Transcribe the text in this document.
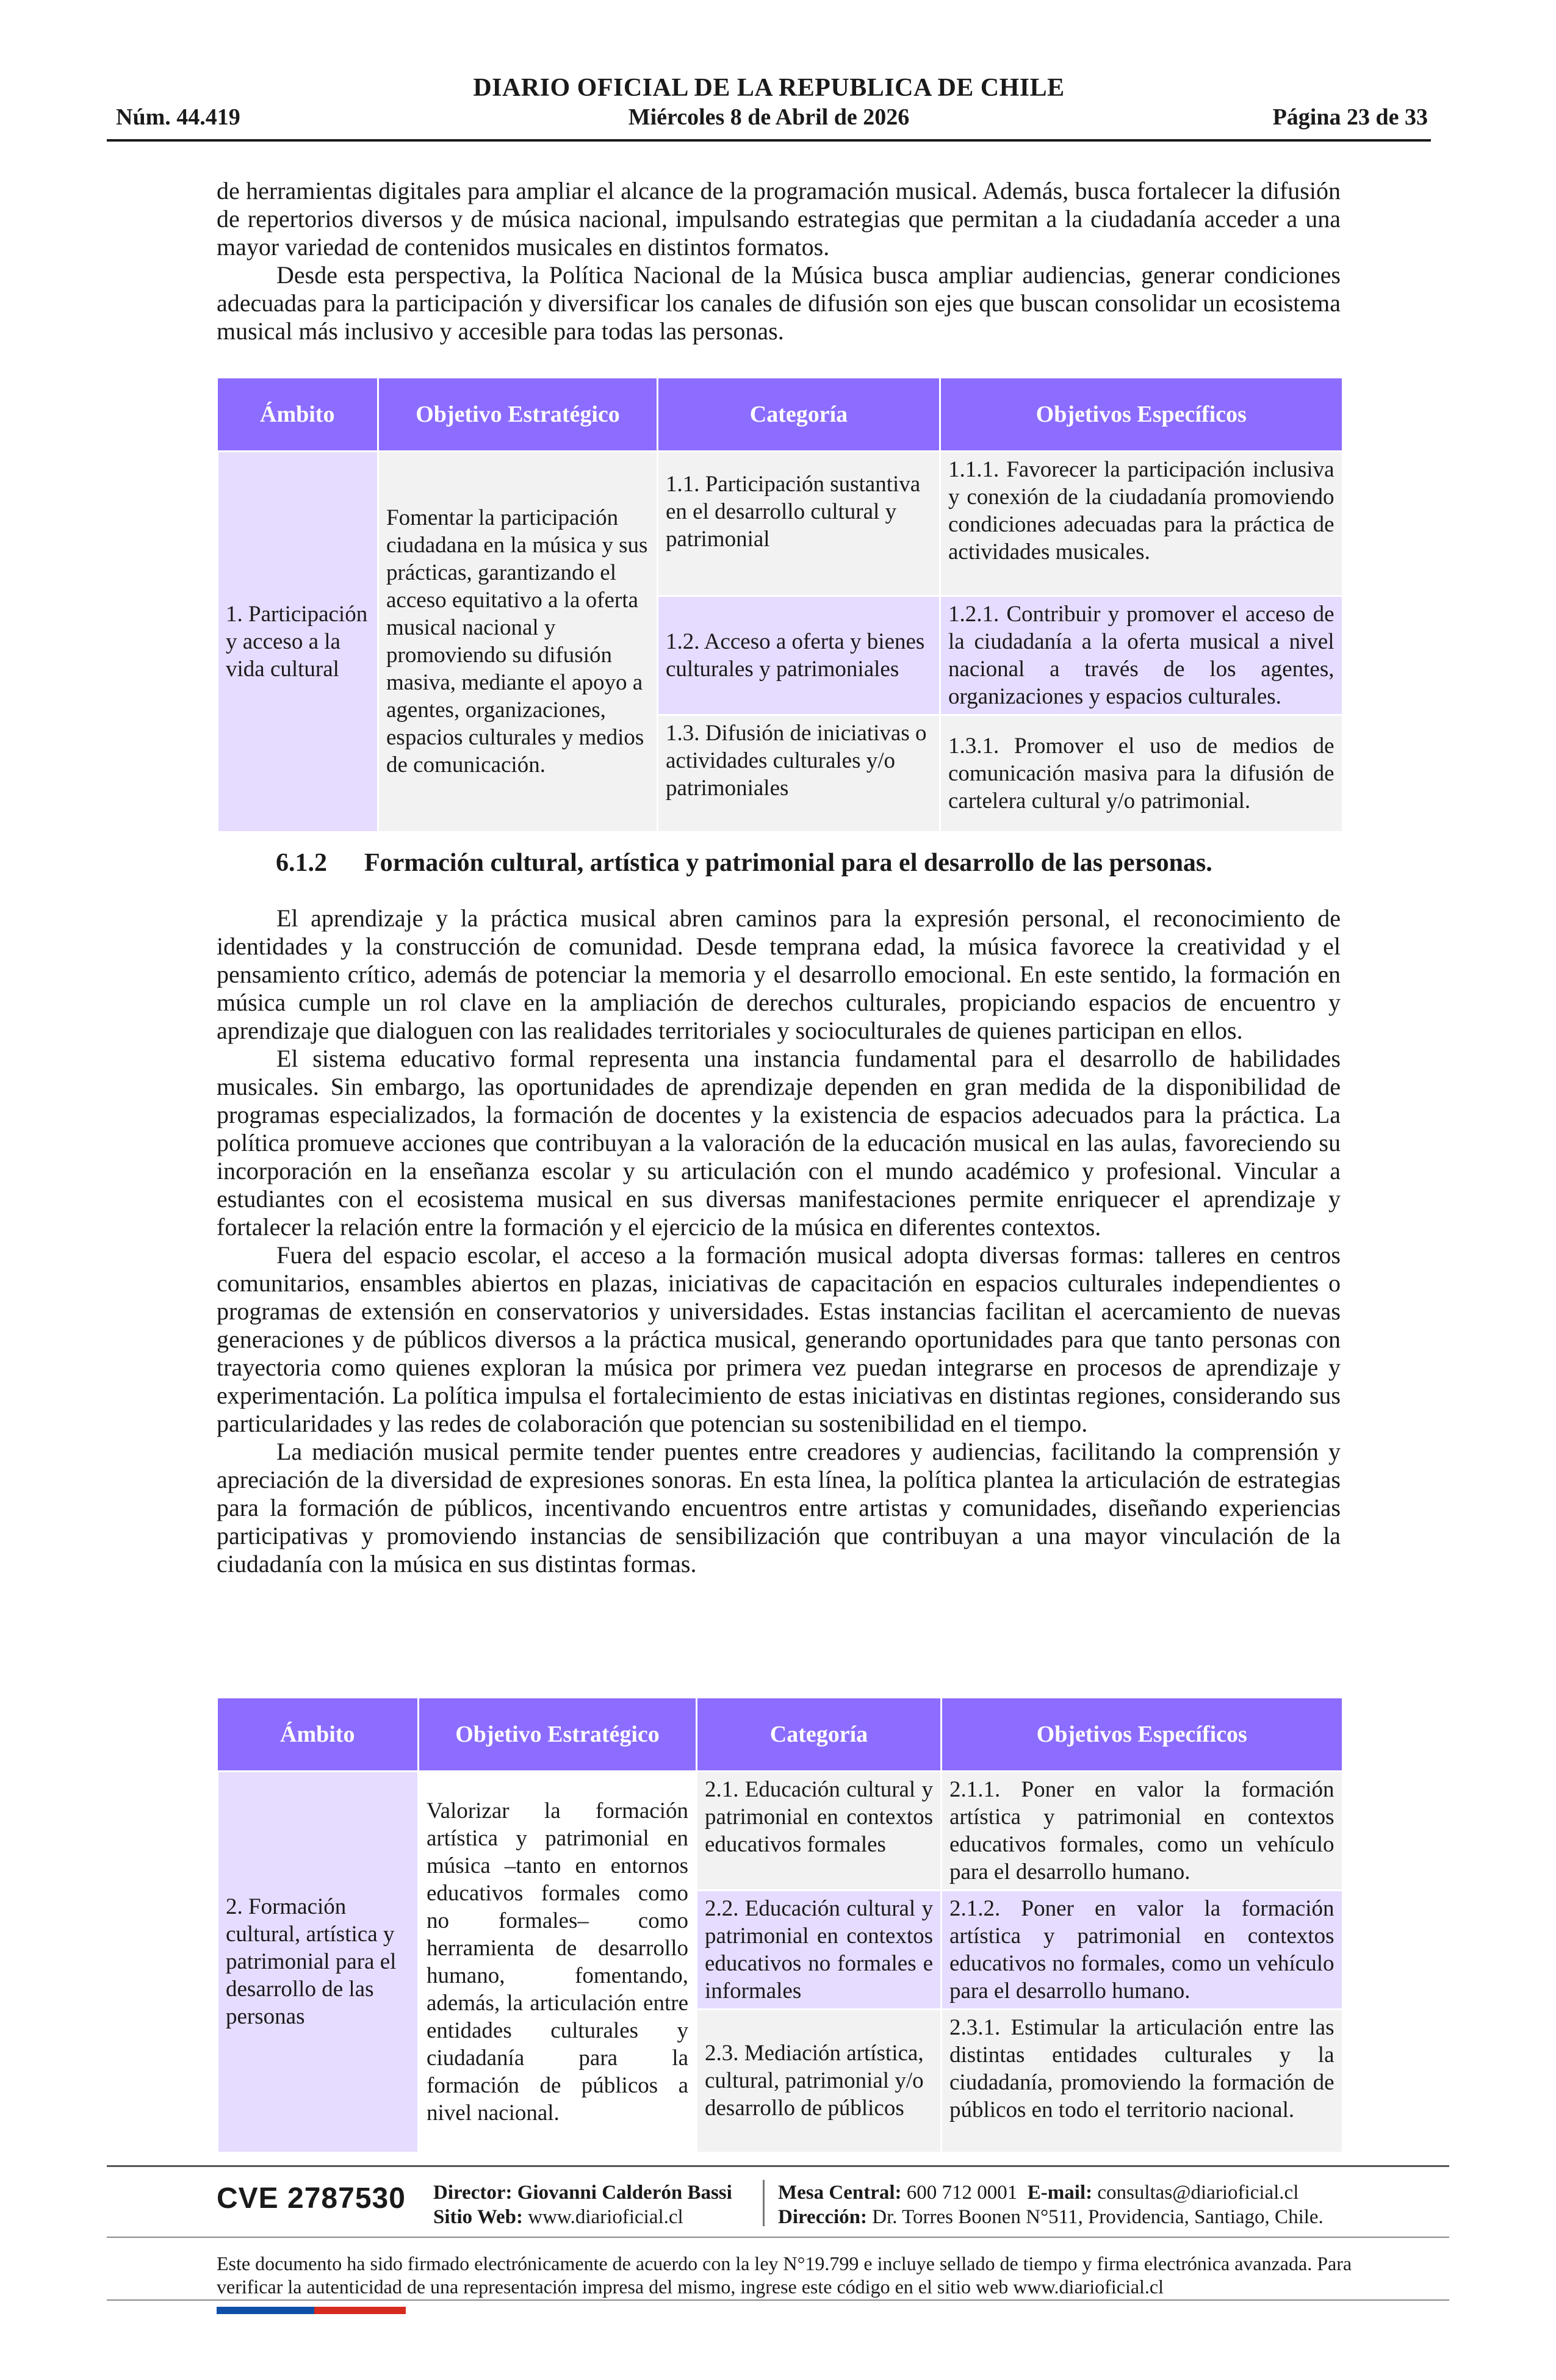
DIARIO OFICIAL DE LA REPUBLICA DE CHILE
Núm. 44.419	Miércoles 8 de Abril de 2026	Página 23 de 33

de herramientas digitales para ampliar el alcance de la programación musical. Además, busca fortalecer la difusión de repertorios diversos y de música nacional, impulsando estrategias que permitan a la ciudadanía acceder a una mayor variedad de contenidos musicales en distintos formatos.

Desde esta perspectiva, la Política Nacional de la Música busca ampliar audiencias, generar condiciones adecuadas para la participación y diversificar los canales de difusión son ejes que buscan consolidar un ecosistema musical más inclusivo y accesible para todas las personas.

Ámbito	Objetivo Estratégico	Categoría	Objetivos Específicos
1. Participación y acceso a la vida cultural	Fomentar la participación ciudadana en la música y sus prácticas, garantizando el acceso equitativo a la oferta musical nacional y promoviendo su difusión masiva, mediante el apoyo a agentes, organizaciones, espacios culturales y medios de comunicación.	1.1. Participación sustantiva en el desarrollo cultural y patrimonial	1.1.1. Favorecer la participación inclusiva y conexión de la ciudadanía promoviendo condiciones adecuadas para la práctica de actividades musicales.
		1.2. Acceso a oferta y bienes culturales y patrimoniales	1.2.1. Contribuir y promover el acceso de la ciudadanía a la oferta musical a nivel nacional a través de los agentes, organizaciones y espacios culturales.
		1.3. Difusión de iniciativas o actividades culturales y/o patrimoniales	1.3.1. Promover el uso de medios de comunicación masiva para la difusión de cartelera cultural y/o patrimonial.
6.1.2 Formación cultural, artística y patrimonial para el desarrollo de las personas.

El aprendizaje y la práctica musical abren caminos para la expresión personal, el reconocimiento de identidades y la construcción de comunidad. Desde temprana edad, la música favorece la creatividad y el pensamiento crítico, además de potenciar la memoria y el desarrollo emocional. En este sentido, la formación en música cumple un rol clave en la ampliación de derechos culturales, propiciando espacios de encuentro y aprendizaje que dialoguen con las realidades territoriales y socioculturales de quienes participan en ellos.

El sistema educativo formal representa una instancia fundamental para el desarrollo de habilidades musicales. Sin embargo, las oportunidades de aprendizaje dependen en gran medida de la disponibilidad de programas especializados, la formación de docentes y la existencia de espacios adecuados para la práctica. La política promueve acciones que contribuyan a la valoración de la educación musical en las aulas, favoreciendo su incorporación en la enseñanza escolar y su articulación con el mundo académico y profesional. Vincular a estudiantes con el ecosistema musical en sus diversas manifestaciones permite enriquecer el aprendizaje y fortalecer la relación entre la formación y el ejercicio de la música en diferentes contextos.

Fuera del espacio escolar, el acceso a la formación musical adopta diversas formas: talleres en centros comunitarios, ensambles abiertos en plazas, iniciativas de capacitación en espacios culturales independientes o programas de extensión en conservatorios y universidades. Estas instancias facilitan el acercamiento de nuevas generaciones y de públicos diversos a la práctica musical, generando oportunidades para que tanto personas con trayectoria como quienes exploran la música por primera vez puedan integrarse en procesos de aprendizaje y experimentación. La política impulsa el fortalecimiento de estas iniciativas en distintas regiones, considerando sus particularidades y las redes de colaboración que potencian su sostenibilidad en el tiempo.

La mediación musical permite tender puentes entre creadores y audiencias, facilitando la comprensión y apreciación de la diversidad de expresiones sonoras. En esta línea, la política plantea la articulación de estrategias para la formación de públicos, incentivando encuentros entre artistas y comunidades, diseñando experiencias participativas y promoviendo instancias de sensibilización que contribuyan a una mayor vinculación de la ciudadanía con la música en sus distintas formas.

Ámbito	Objetivo Estratégico	Categoría	Objetivos Específicos
2. Formación cultural, artística y patrimonial para el desarrollo de las personas	Valorizar la formación artística y patrimonial en música –tanto en entornos educativos formales como no formales– como herramienta de desarrollo humano, fomentando, además, la articulación entre entidades culturales y ciudadanía para la formación de públicos a nivel nacional.	2.1. Educación cultural y patrimonial en contextos educativos formales	2.1.1. Poner en valor la formación artística y patrimonial en contextos educativos formales, como un vehículo para el desarrollo humano.
		2.2. Educación cultural y patrimonial en contextos educativos no formales e informales	2.1.2. Poner en valor la formación artística y patrimonial en contextos educativos no formales, como un vehículo para el desarrollo humano.
		2.3. Mediación artística, cultural, patrimonial y/o desarrollo de públicos	2.3.1. Estimular la articulación entre las distintas entidades culturales y la ciudadanía, promoviendo la formación de públicos en todo el territorio nacional.
CVE 2787530 Director: Giovanni Calderón Bassi
Sitio Web: www.diarioficial.cl
Mesa Central: 600 712 0001 E-mail: consultas@diarioficial.cl
Dirección: Dr. Torres Boonen N°511, Providencia, Santiago, Chile.
Este documento ha sido firmado electrónicamente de acuerdo con la ley N°19.799 e incluye sellado de tiempo y firma electrónica avanzada. Para verificar la autenticidad de una representación impresa del mismo, ingrese este código en el sitio web www.diarioficial.cl
